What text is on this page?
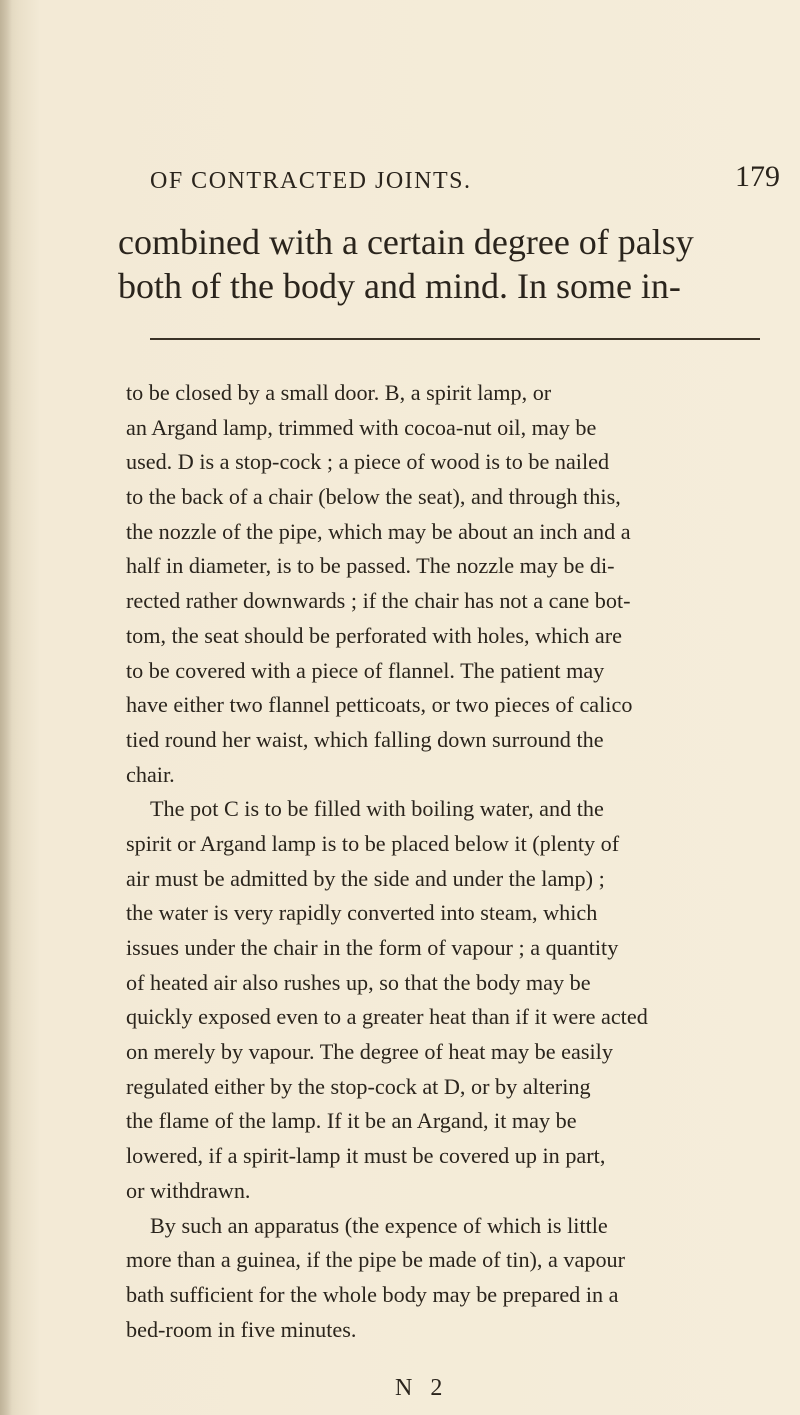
OF CONTRACTED JOINTS.	179
combined with a certain degree of palsy
both of the body and mind. In some in-
to be closed by a small door. B, a spirit lamp, or
an Argand lamp, trimmed with cocoa-nut oil, may be
used. D is a stop-cock ; a piece of wood is to be nailed
to the back of a chair (below the seat), and through this,
the nozzle of the pipe, which may be about an inch and a
half in diameter, is to be passed. The nozzle may be di-
rected rather downwards ; if the chair has not a cane bot-
tom, the seat should be perforated with holes, which are
to be covered with a piece of flannel. The patient may
have either two flannel petticoats, or two pieces of calico
tied round her waist, which falling down surround the
chair.
The pot C is to be filled with boiling water, and the
spirit or Argand lamp is to be placed below it (plenty of
air must be admitted by the side and under the lamp) ;
the water is very rapidly converted into steam, which
issues under the chair in the form of vapour ; a quantity
of heated air also rushes up, so that the body may be
quickly exposed even to a greater heat than if it were acted
on merely by vapour. The degree of heat may be easily
regulated either by the stop-cock at D, or by altering
the flame of the lamp. If it be an Argand, it may be
lowered, if a spirit-lamp it must be covered up in part,
or withdrawn.
By such an apparatus (the expence of which is little
more than a guinea, if the pipe be made of tin), a vapour
bath sufficient for the whole body may be prepared in a
bed-room in five minutes.
N 2
